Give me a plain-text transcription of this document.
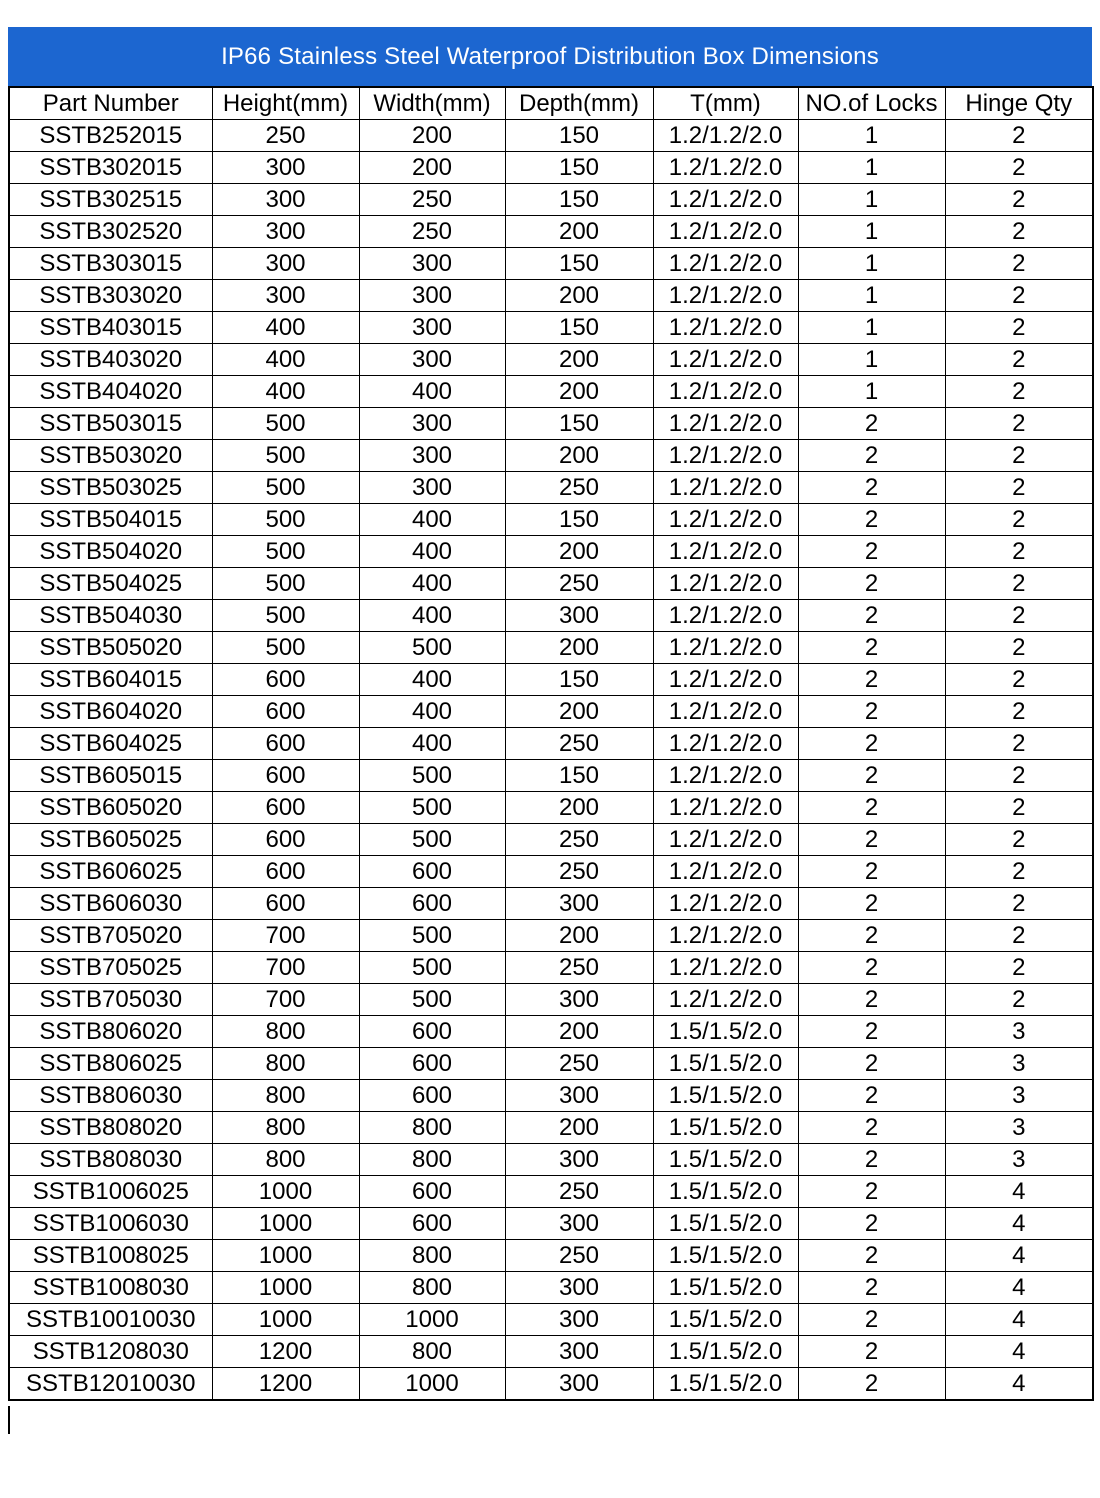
IP66 Stainless Steel Waterproof Distribution Box Dimensions
Part Number	Height(mm)	Width(mm)	Depth(mm)	T(mm)	NO.of Locks	Hinge Qty
SSTB252015	250	200	150	1.2/1.2/2.0	1	2
SSTB302015	300	200	150	1.2/1.2/2.0	1	2
SSTB302515	300	250	150	1.2/1.2/2.0	1	2
SSTB302520	300	250	200	1.2/1.2/2.0	1	2
SSTB303015	300	300	150	1.2/1.2/2.0	1	2
SSTB303020	300	300	200	1.2/1.2/2.0	1	2
SSTB403015	400	300	150	1.2/1.2/2.0	1	2
SSTB403020	400	300	200	1.2/1.2/2.0	1	2
SSTB404020	400	400	200	1.2/1.2/2.0	1	2
SSTB503015	500	300	150	1.2/1.2/2.0	2	2
SSTB503020	500	300	200	1.2/1.2/2.0	2	2
SSTB503025	500	300	250	1.2/1.2/2.0	2	2
SSTB504015	500	400	150	1.2/1.2/2.0	2	2
SSTB504020	500	400	200	1.2/1.2/2.0	2	2
SSTB504025	500	400	250	1.2/1.2/2.0	2	2
SSTB504030	500	400	300	1.2/1.2/2.0	2	2
SSTB505020	500	500	200	1.2/1.2/2.0	2	2
SSTB604015	600	400	150	1.2/1.2/2.0	2	2
SSTB604020	600	400	200	1.2/1.2/2.0	2	2
SSTB604025	600	400	250	1.2/1.2/2.0	2	2
SSTB605015	600	500	150	1.2/1.2/2.0	2	2
SSTB605020	600	500	200	1.2/1.2/2.0	2	2
SSTB605025	600	500	250	1.2/1.2/2.0	2	2
SSTB606025	600	600	250	1.2/1.2/2.0	2	2
SSTB606030	600	600	300	1.2/1.2/2.0	2	2
SSTB705020	700	500	200	1.2/1.2/2.0	2	2
SSTB705025	700	500	250	1.2/1.2/2.0	2	2
SSTB705030	700	500	300	1.2/1.2/2.0	2	2
SSTB806020	800	600	200	1.5/1.5/2.0	2	3
SSTB806025	800	600	250	1.5/1.5/2.0	2	3
SSTB806030	800	600	300	1.5/1.5/2.0	2	3
SSTB808020	800	800	200	1.5/1.5/2.0	2	3
SSTB808030	800	800	300	1.5/1.5/2.0	2	3
SSTB1006025	1000	600	250	1.5/1.5/2.0	2	4
SSTB1006030	1000	600	300	1.5/1.5/2.0	2	4
SSTB1008025	1000	800	250	1.5/1.5/2.0	2	4
SSTB1008030	1000	800	300	1.5/1.5/2.0	2	4
SSTB10010030	1000	1000	300	1.5/1.5/2.0	2	4
SSTB1208030	1200	800	300	1.5/1.5/2.0	2	4
SSTB12010030	1200	1000	300	1.5/1.5/2.0	2	4
